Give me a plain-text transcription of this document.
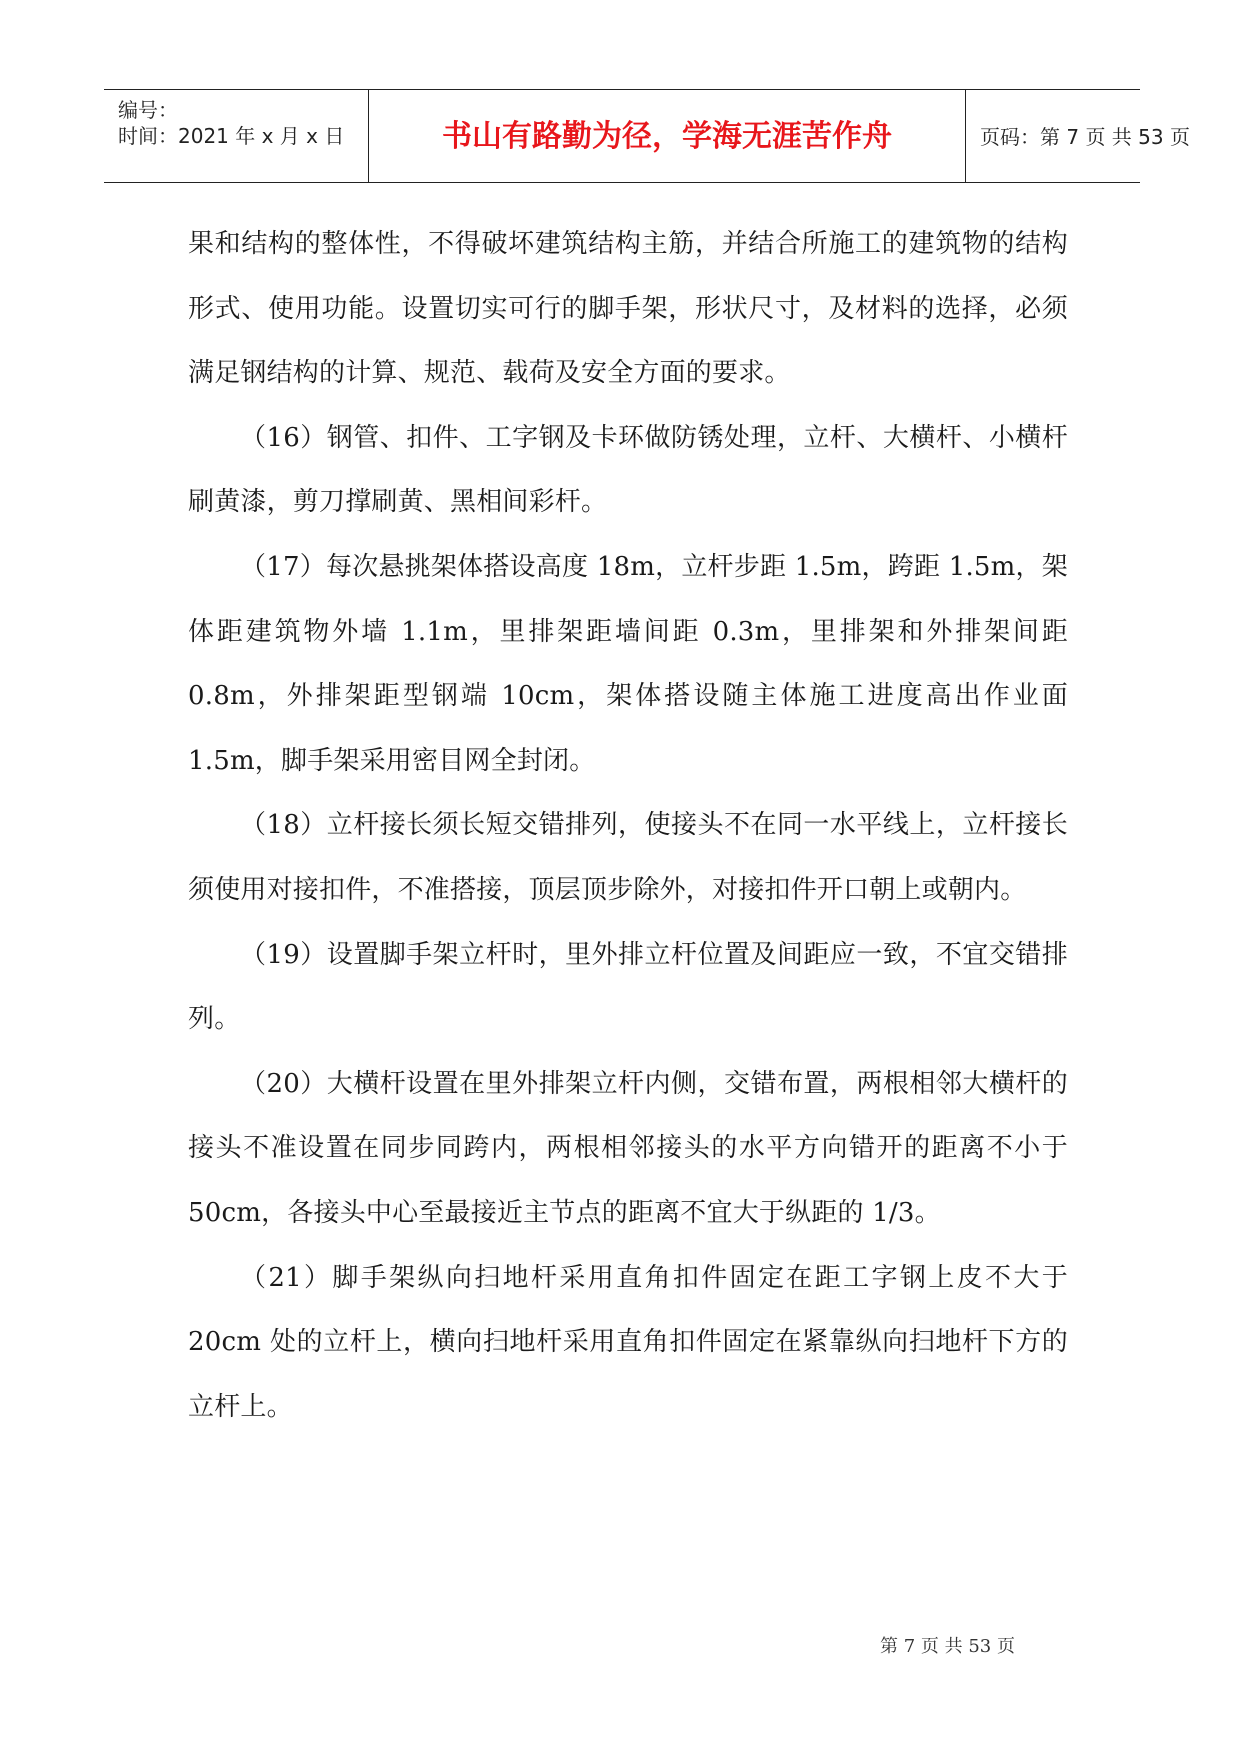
编号：
时间：2021 年 x 月 x 日	书山有路勤为径，学海无涯苦作舟	页码：第 7 页 共 53 页

果和结构的整体性，不得破坏建筑结构主筋，并结合所施工的建筑物的结构形式、使用功能。设置切实可行的脚手架，形状尺寸，及材料的选择，必须满足钢结构的计算、规范、载荷及安全方面的要求。

（16）钢管、扣件、工字钢及卡环做防锈处理，立杆、大横杆、小横杆刷黄漆，剪刀撑刷黄、黑相间彩杆。

（17）每次悬挑架体搭设高度 18m，立杆步距 1.5m，跨距 1.5m，架体距建筑物外墙 1.1m，里排架距墙间距 0.3m，里排架和外排架间距 0.8m，外排架距型钢端 10cm，架体搭设随主体施工进度高出作业面 1.5m，脚手架采用密目网全封闭。

（18）立杆接长须长短交错排列，使接头不在同一水平线上，立杆接长须使用对接扣件，不准搭接，顶层顶步除外，对接扣件开口朝上或朝内。

（19）设置脚手架立杆时，里外排立杆位置及间距应一致，不宜交错排列。

（20）大横杆设置在里外排架立杆内侧，交错布置，两根相邻大横杆的接头不准设置在同步同跨内，两根相邻接头的水平方向错开的距离不小于 50cm，各接头中心至最接近主节点的距离不宜大于纵距的 1/3。

（21）脚手架纵向扫地杆采用直角扣件固定在距工字钢上皮不大于 20cm 处的立杆上，横向扫地杆采用直角扣件固定在紧靠纵向扫地杆下方的立杆上。

第 7 页 共 53 页
